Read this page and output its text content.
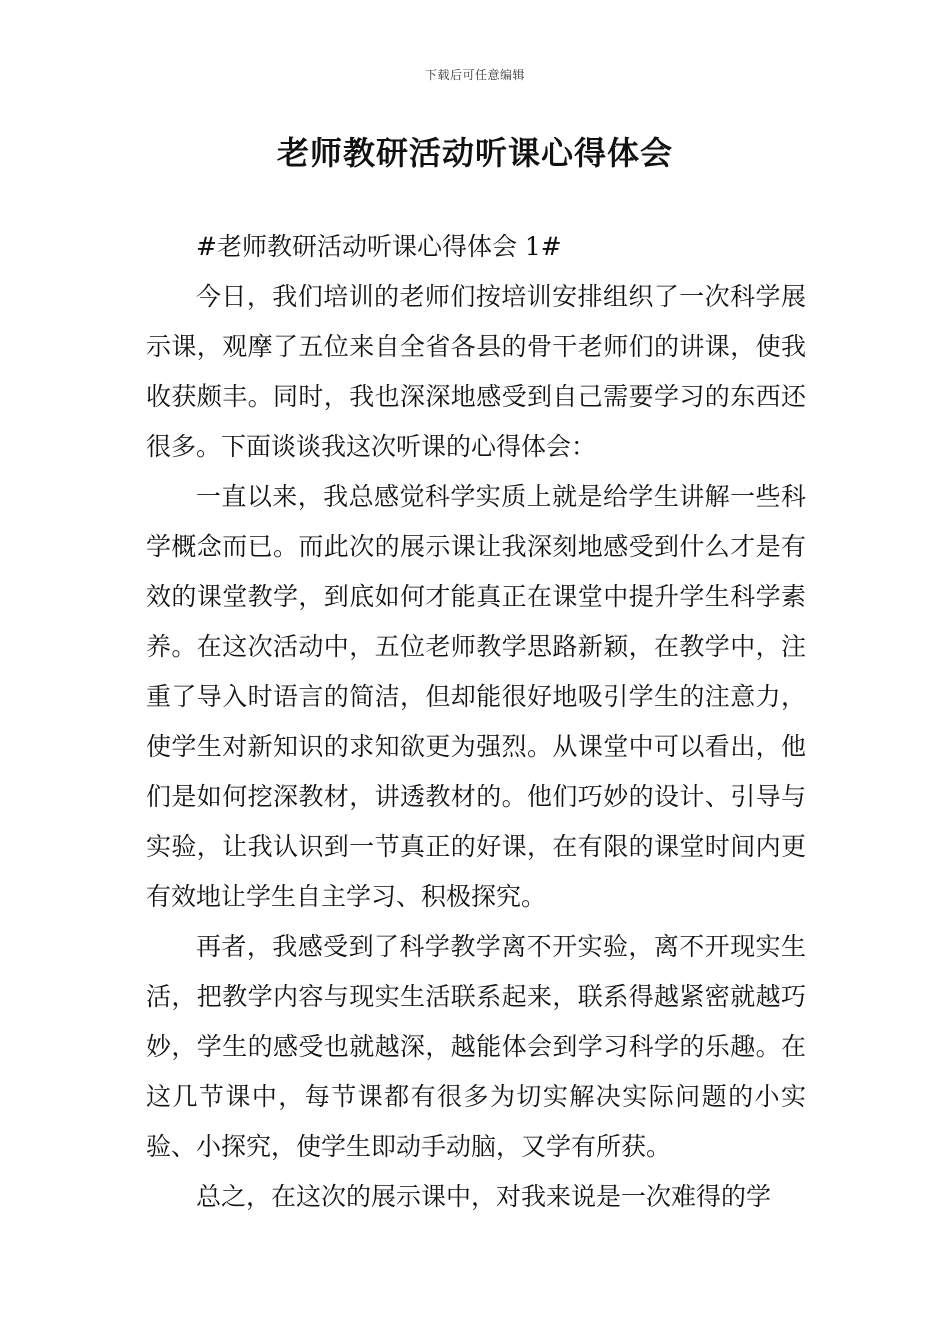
下载后可任意编辑
老师教研活动听课心得体会

#老师教研活动听课心得体会 1#

今日，我们培训的老师们按培训安排组织了一次科学展示课，观摩了五位来自全省各县的骨干老师们的讲课，使我收获颇丰。同时，我也深深地感受到自己需要学习的东西还很多。下面谈谈我这次听课的心得体会：

一直以来，我总感觉科学实质上就是给学生讲解一些科学概念而已。而此次的展示课让我深刻地感受到什么才是有效的课堂教学，到底如何才能真正在课堂中提升学生科学素养。在这次活动中，五位老师教学思路新颖，在教学中，注重了导入时语言的简洁，但却能很好地吸引学生的注意力，使学生对新知识的求知欲更为强烈。从课堂中可以看出，他们是如何挖深教材，讲透教材的。他们巧妙的设计、引导与实验，让我认识到一节真正的好课，在有限的课堂时间内更有效地让学生自主学习、积极探究。

再者，我感受到了科学教学离不开实验，离不开现实生活，把教学内容与现实生活联系起来，联系得越紧密就越巧妙，学生的感受也就越深，越能体会到学习科学的乐趣。在这几节课中，每节课都有很多为切实解决实际问题的小实验、小探究，使学生即动手动脑，又学有所获。

总之，在这次的展示课中，对我来说是一次难得的学
